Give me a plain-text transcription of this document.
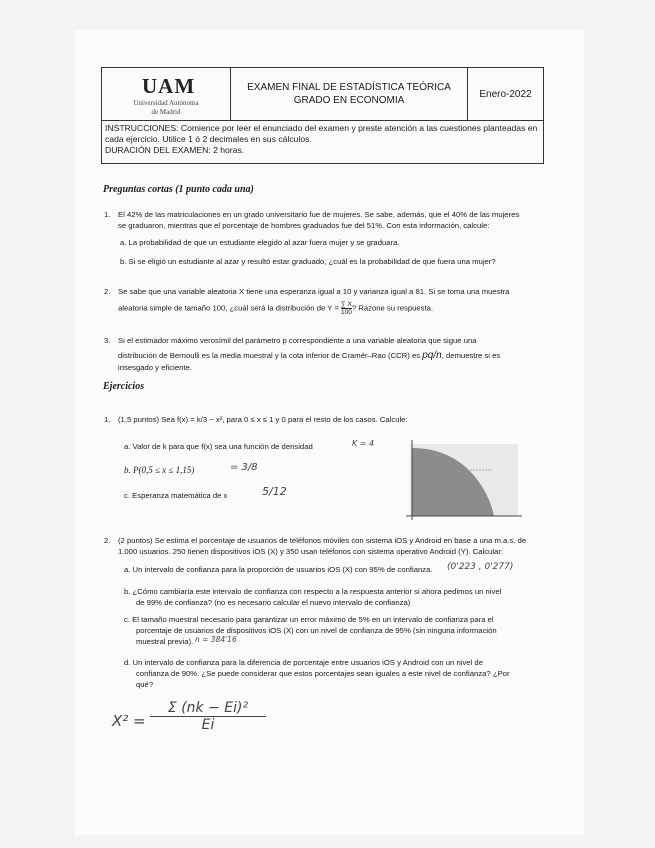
UAM
Universidad Autónoma
de Madrid
EXAMEN FINAL DE ESTADÍSTICA TEÓRICA
GRADO EN ECONOMIA
Enero-2022
INSTRUCCIONES: Comience por leer el enunciado del examen y preste atención a las cuestiones planteadas en
cada ejercicio. Utilice 1 ó 2 decimales en sus cálculos.
DURACIÓN DEL EXAMEN: 2 horas.
Preguntas cortas (1 punto cada una)
1. El 42% de las matriculaciones en un grado universitario fue de mujeres. Se sabe, además, que el 40% de las mujeres
se graduaron, mientras que el porcentaje de hombres graduados fue del 51%. Con esta información, calcule:
a. La probabilidad de que un estudiante elegido al azar fuera mujer y se graduara.
b. Si se eligió un estudiante al azar y resultó estar graduado, ¿cuál es la probabilidad de que fuera una mujer?
2. Se sabe que una variable aleatoria X tiene una esperanza igual a 10 y varianza igual a 81. Si se toma una muestra
aleatoria simple de tamaño 100, ¿cuál será la distribución de $Y = \frac{\sum X}{100}$ ? Razone su respuesta.
3. Si el estimador máximo verosímil del parámetro p correspondiente a una variable aleatoria que sigue una
distribución de Bernoulli es la media muestral y la cota inferior de Cramér–Rao (CCR) es pq/n, demuestre si es
insesgado y eficiente.
Ejercicios
1. (1,5 puntos) Sea f(x) = k/3 − x², para 0 ≤ x ≤ 1 y 0 para el resto de los casos. Calcule:
a. Valor de k para que f(x) sea una función de densidad	K = 4
b. P(0,5 ≤ x ≤ 1,15)	= 3/8
c. Esperanza matemática de x	5/12
2. (2 puntos) Se estima el porcentaje de usuarios de teléfonos móviles con sistema iOS y Android en base a una m.a.s. de
1.000 usuarios. 250 tienen dispositivos iOS (X) y 350 usan teléfonos con sistema operativo Android (Y). Calcular:
a. Un intervalo de confianza para la proporción de usuarios iOS (X) con 95% de confianza. (0'223 , 0'277)
b. ¿Cómo cambiaría este intervalo de confianza con respecto a la respuesta anterior si ahora pedimos un nivel
de 99% de confianza? (no es necesario calcular el nuevo intervalo de confianza)
c. El tamaño muestral necesario para garantizar un error máximo de 5% en un intervalo de confianza para el
porcentaje de usuarios de dispositivos iOS (X) con un nivel de confianza de 95% (sin ninguna información
muestral previa). n = 384'16
d. Un intervalo de confianza para la diferencia de porcentaje entre usuarios iOS y Android con un nivel de
confianza de 90%. ¿Se puede considerar que estos porcentajes sean iguales a este nivel de confianza? ¿Por
qué?
X² =
Σ (nk − Ei)²
Ei
